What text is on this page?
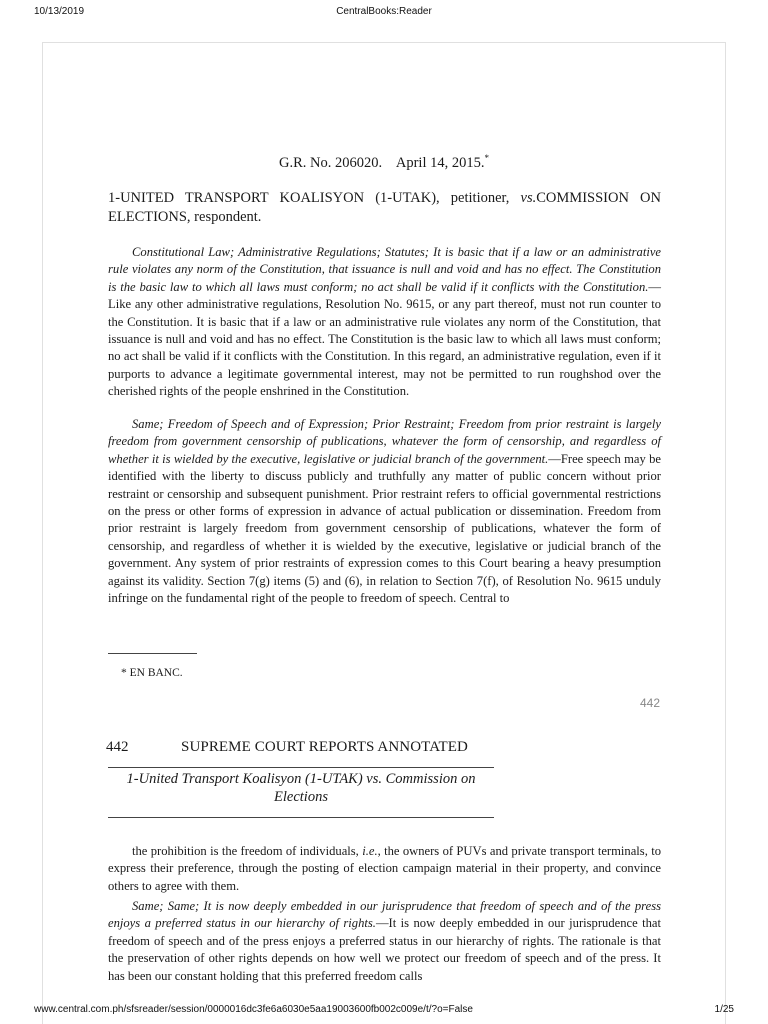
10/13/2019	CentralBooks:Reader
G.R. No. 206020. April 14, 2015.*
1-UNITED TRANSPORT KOALISYON (1-UTAK), petitioner, vs.COMMISSION ON ELECTIONS, respondent.

Constitutional Law; Administrative Regulations; Statutes; It is basic that if a law or an administrative rule violates any norm of the Constitution, that issuance is null and void and has no effect. The Constitution is the basic law to which all laws must conform; no act shall be valid if it conflicts with the Constitution.—Like any other administrative regulations, Resolution No. 9615, or any part thereof, must not run counter to the Constitution. It is basic that if a law or an administrative rule violates any norm of the Constitution, that issuance is null and void and has no effect. The Constitution is the basic law to which all laws must conform; no act shall be valid if it conflicts with the Constitution. In this regard, an administrative regulation, even if it purports to advance a legitimate governmental interest, may not be permitted to run roughshod over the cherished rights of the people enshrined in the Constitution.

Same; Freedom of Speech and of Expression; Prior Restraint; Freedom from prior restraint is largely freedom from government censorship of publications, whatever the form of censorship, and regardless of whether it is wielded by the executive, legislative or judicial branch of the government.—Free speech may be identified with the liberty to discuss publicly and truthfully any matter of public concern without prior restraint or censorship and subsequent punishment. Prior restraint refers to official governmental restrictions on the press or other forms of expression in advance of actual publication or dissemination. Freedom from prior restraint is largely freedom from government censorship of publications, whatever the form of censorship, and regardless of whether it is wielded by the executive, legislative or judicial branch of the government. Any system of prior restraints of expression comes to this Court bearing a heavy presumption against its validity. Section 7(g) items (5) and (6), in relation to Section 7(f), of Resolution No. 9615 unduly infringe on the fundamental right of the people to freedom of speech. Central to

* EN BANC.
442
442	SUPREME COURT REPORTS ANNOTATED
1-United Transport Koalisyon (1-UTAK) vs. Commission on Elections

the prohibition is the freedom of individuals, i.e., the owners of PUVs and private transport terminals, to express their preference, through the posting of election campaign material in their property, and convince others to agree with them.

Same; Same; It is now deeply embedded in our jurisprudence that freedom of speech and of the press enjoys a preferred status in our hierarchy of rights.—It is now deeply embedded in our jurisprudence that freedom of speech and of the press enjoys a preferred status in our hierarchy of rights. The rationale is that the preservation of other rights depends on how well we protect our freedom of speech and of the press. It has been our constant holding that this preferred freedom calls

www.central.com.ph/sfsreader/session/0000016dc3fe6a6030e5aa19003600fb002c009e/t/?o=False	1/25
